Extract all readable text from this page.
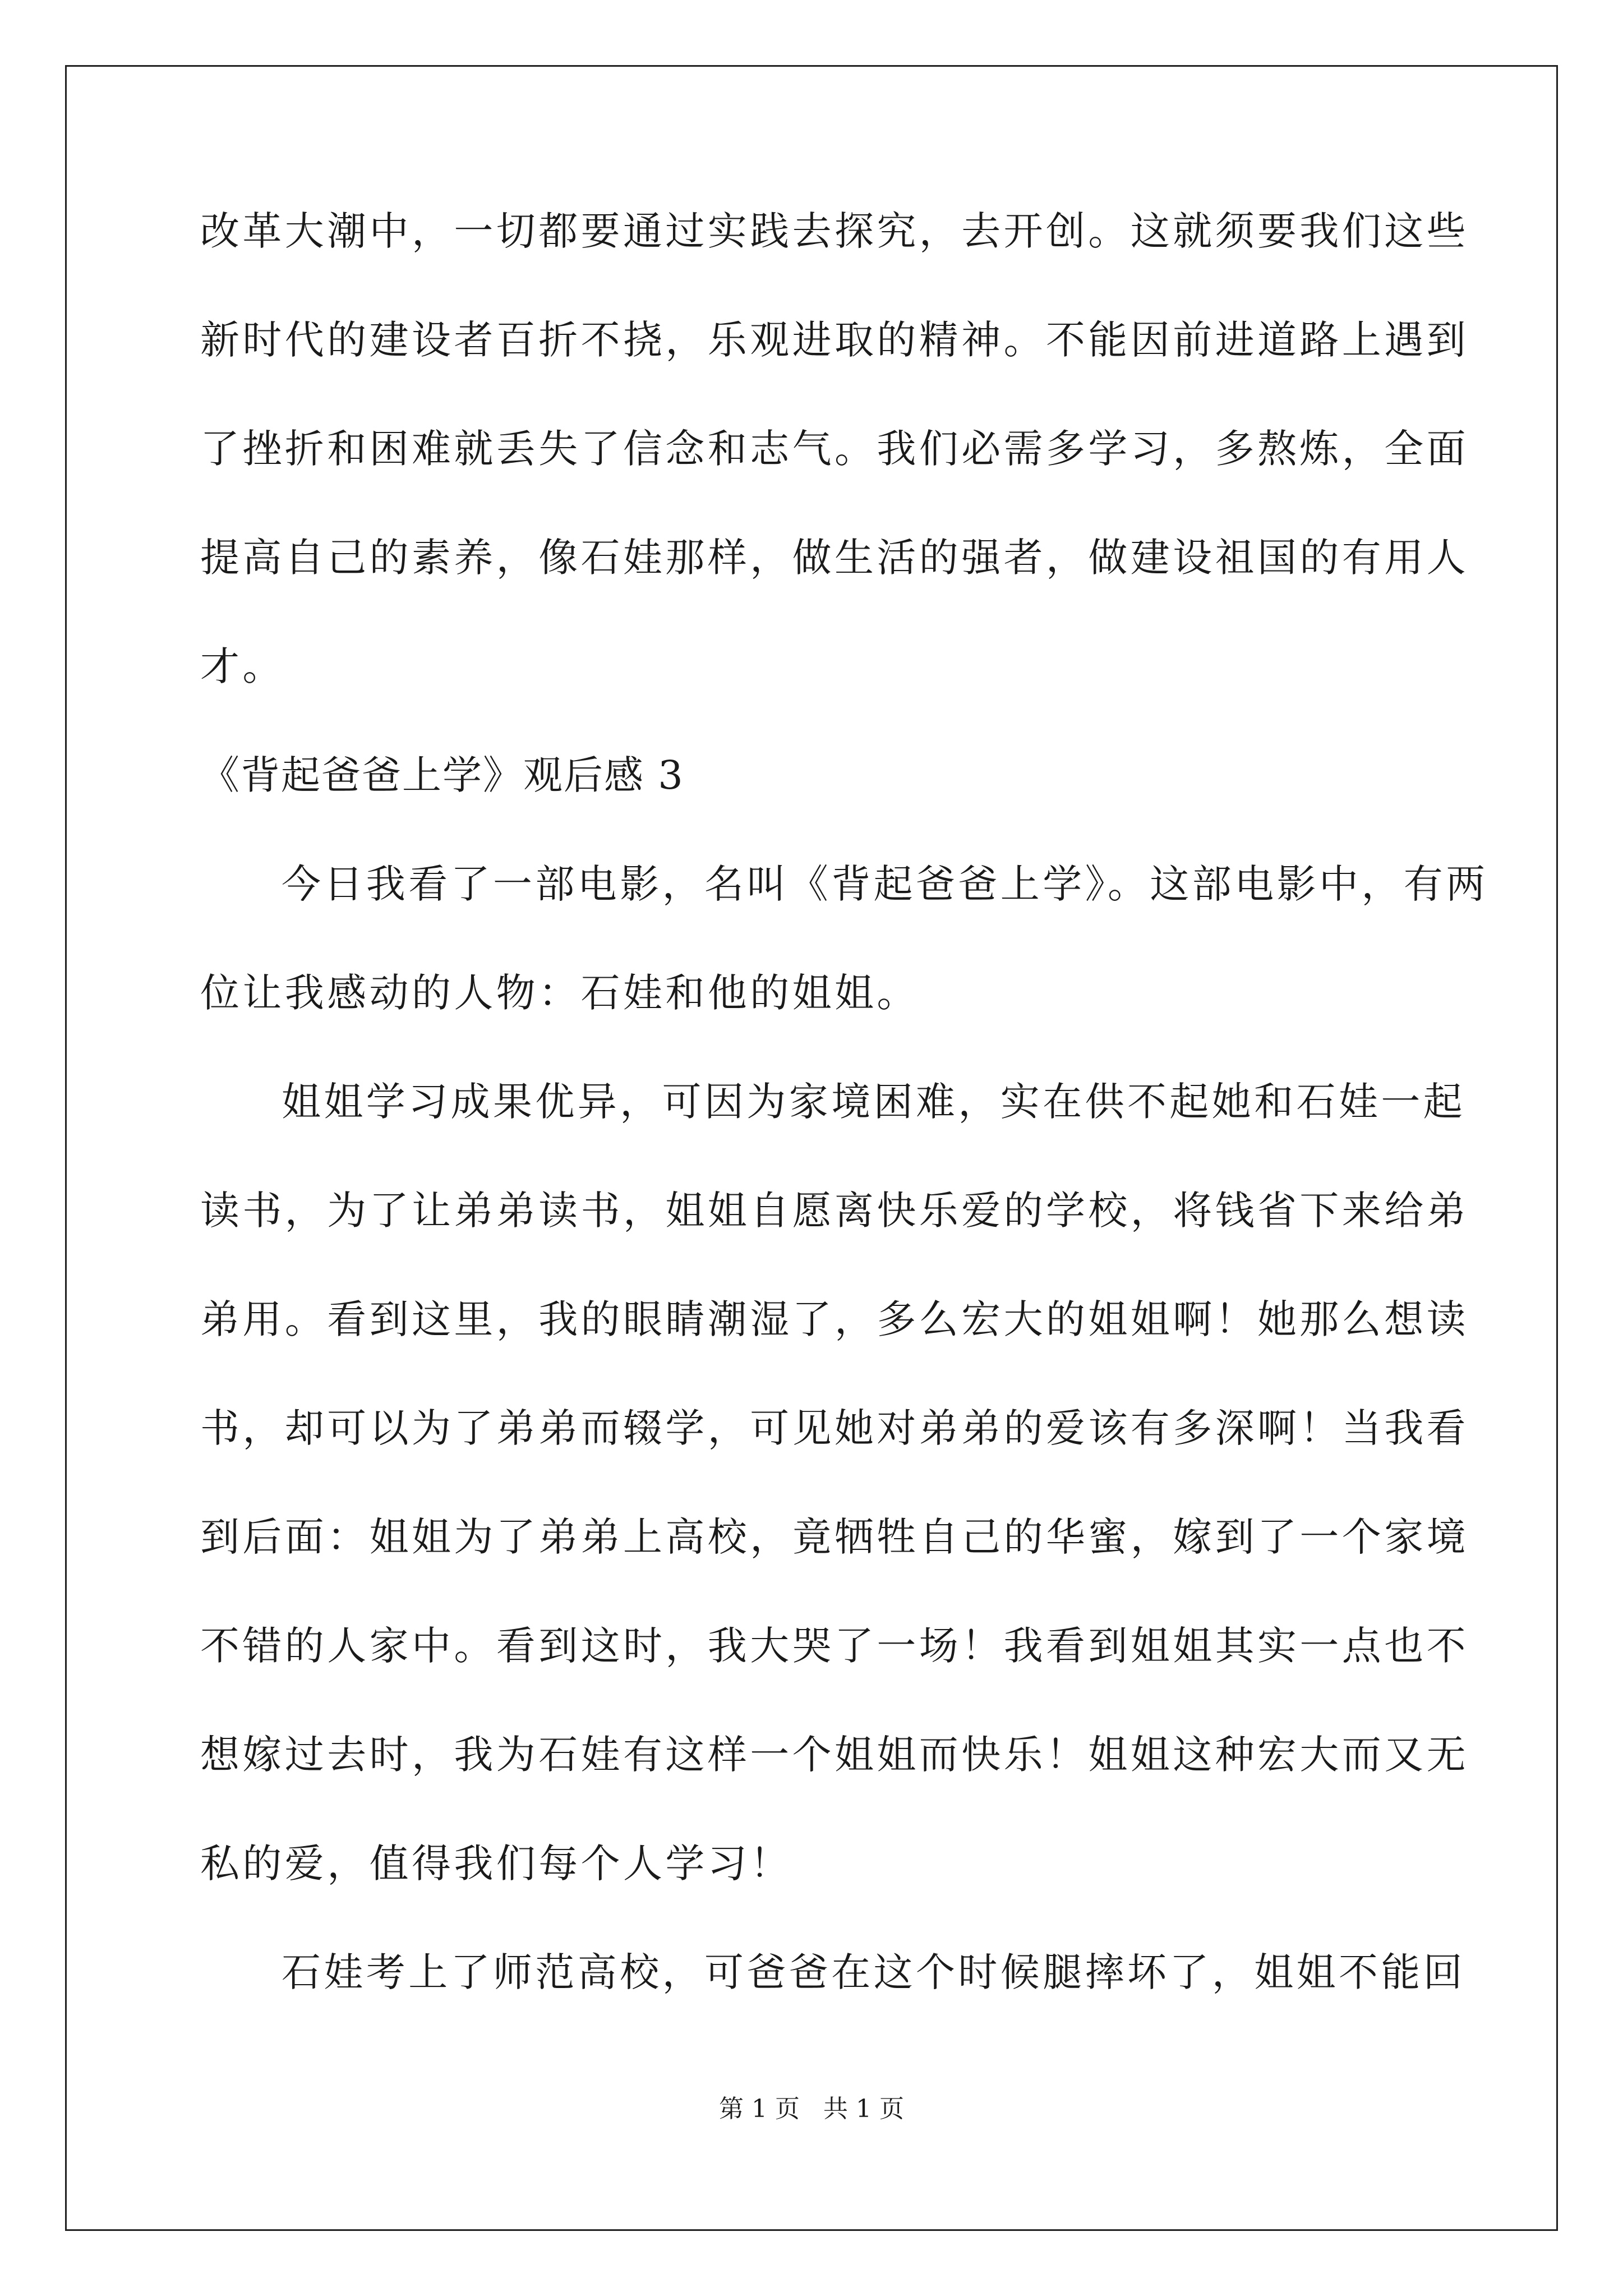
改革大潮中，一切都要通过实践去探究，去开创。这就须要我们这些
新时代的建设者百折不挠，乐观进取的精神。不能因前进道路上遇到
了挫折和困难就丢失了信念和志气。我们必需多学习，多熬炼，全面
提高自己的素养，像石娃那样，做生活的强者，做建设祖国的有用人
才。
《背起爸爸上学》观后感 3
今日我看了一部电影，名叫《背起爸爸上学》。这部电影中，有两
位让我感动的人物：石娃和他的姐姐。
姐姐学习成果优异，可因为家境困难，实在供不起她和石娃一起
读书，为了让弟弟读书，姐姐自愿离快乐爱的学校，将钱省下来给弟
弟用。看到这里，我的眼睛潮湿了，多么宏大的姐姐啊！她那么想读
书，却可以为了弟弟而辍学，可见她对弟弟的爱该有多深啊！当我看
到后面：姐姐为了弟弟上高校，竟牺牲自己的华蜜，嫁到了一个家境
不错的人家中。看到这时，我大哭了一场！我看到姐姐其实一点也不
想嫁过去时，我为石娃有这样一个姐姐而快乐！姐姐这种宏大而又无
私的爱，值得我们每个人学习！
石娃考上了师范高校，可爸爸在这个时候腿摔坏了，姐姐不能回
第 1 页 共 1 页
